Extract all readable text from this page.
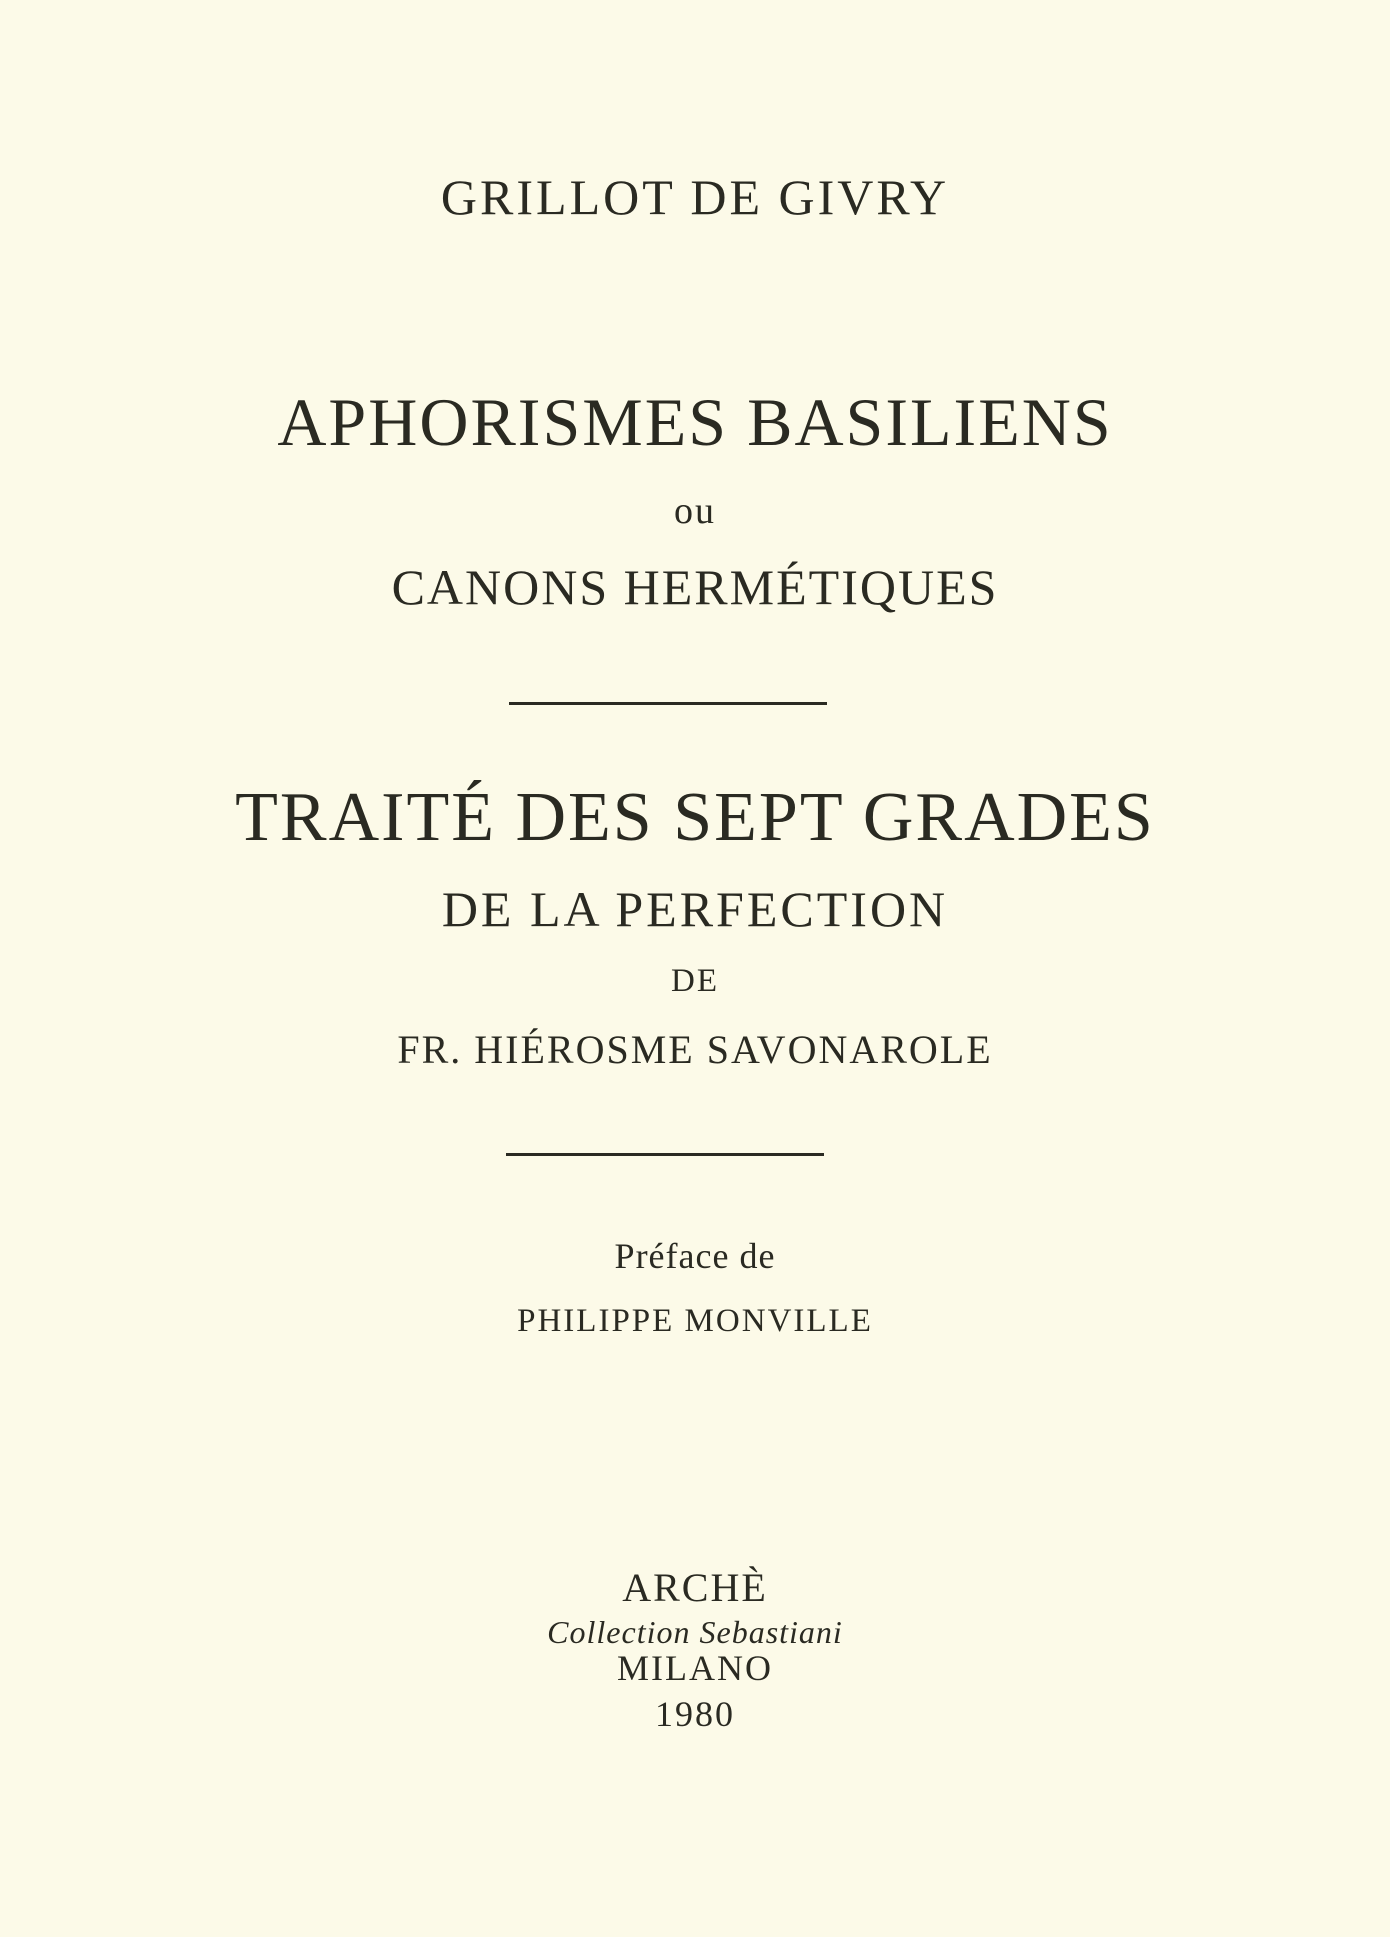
GRILLOT DE GIVRY
APHORISMES BASILIENS
ou
CANONS HERMÉTIQUES
TRAITÉ DES SEPT GRADES
DE LA PERFECTION
DE
FR. HIÉROSME SAVONAROLE
Préface de
PHILIPPE MONVILLE
ARCHÈ
Collection Sebastiani
MILANO
1980
